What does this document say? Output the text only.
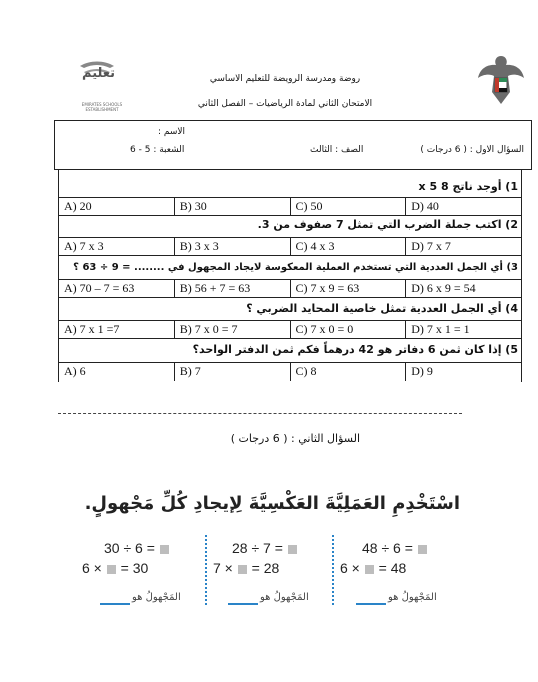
تعليم
EMIRATES SCHOOLS ESTABLISHMENT
روضة ومدرسة الرويضة للتعليم الاساسي
الامتحان الثاني لمادة الرياضيات – الفصل الثاني
الاسم :
السؤال الاول : ( 6 درجات )
الصف : الثالث
الشعبة : 5 - 6
1) أوجد ناتج 8 x 5
A) 20	B) 30	C) 50	D) 40
2) اكتب جملة الضرب التي تمثل 7 صفوف من 3.
A) 7 x 3	B) 3 x 3	C) 4 x 3	D) 7 x 7
3) أي الجمل العددية التي تستخدم العملية المعكوسة لايجاد المجهول في ........ = 9 ÷ 63 ؟
A) 70 – 7 = 63	B) 56 + 7 = 63	C) 7 x 9 = 63	D) 6 x 9 = 54
4) أي الجمل العددية تمثل خاصية المحايد الضربي ؟
A) 7 x 1 =7	B) 7 x 0 = 7	C) 7 x 0 = 0	D) 7 x 1 = 1
5) إذا كان ثمن 6 دفاتر هو 42 درهماً فكم ثمن الدفتر الواحد؟
A) 6	B) 7	C) 8	D) 9
السؤال الثاني : ( 6 درجات )
اسْتَخْدِمِ العَمَلِيَّةَ العَكْسِيَّةَ لِإيجادِ كُلِّ مَجْهولٍ.
48 ÷ 6 =
6 × = 48
المَجْهولُ هو
28 ÷ 7 =
7 × = 28
المَجْهولُ هو
30 ÷ 6 =
6 × = 30
المَجْهولُ هو
